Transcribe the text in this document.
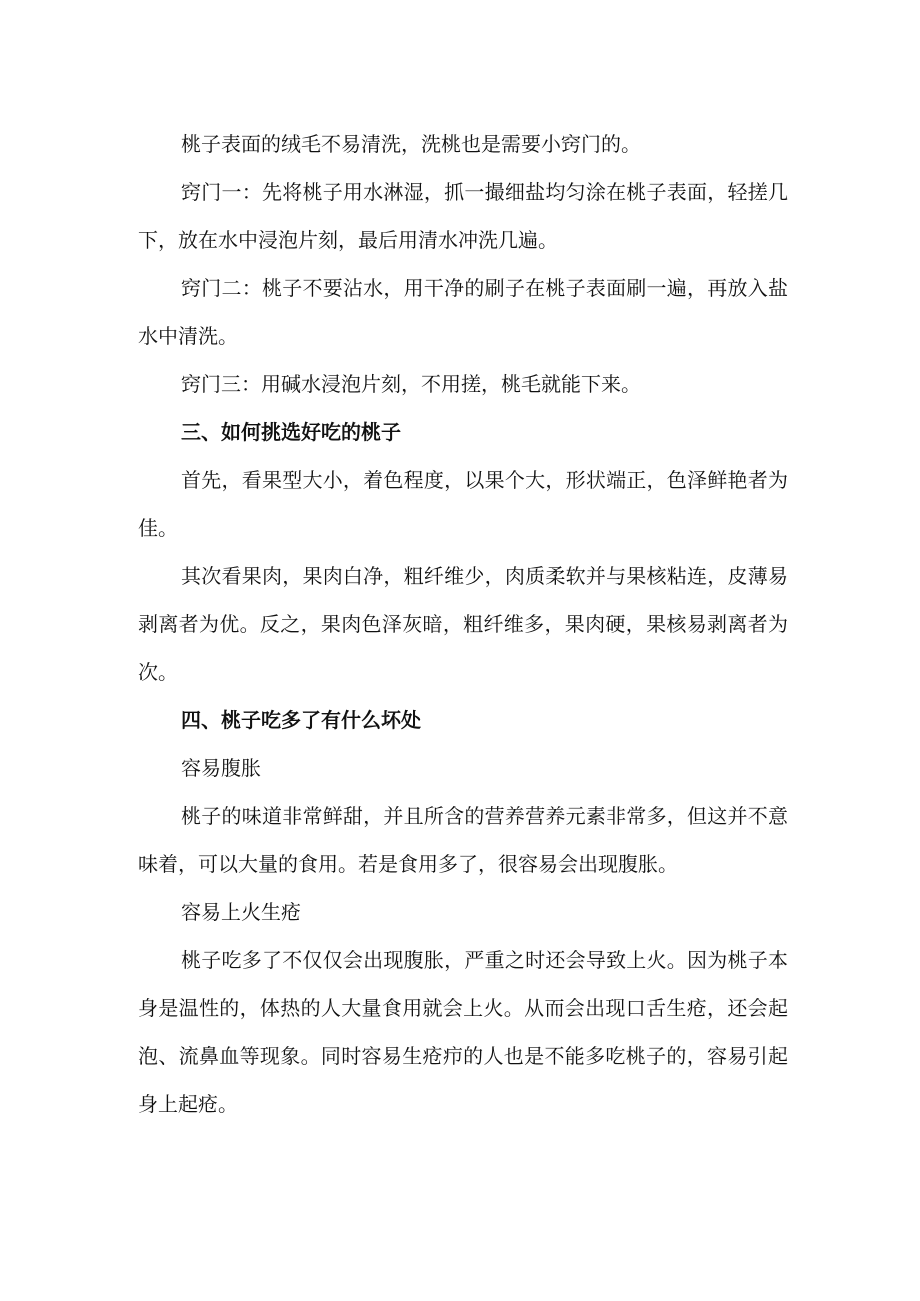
桃子表面的绒毛不易清洗，洗桃也是需要小窍门的。

窍门一：先将桃子用水淋湿，抓一撮细盐均匀涂在桃子表面，轻搓几下，放在水中浸泡片刻，最后用清水冲洗几遍。

窍门二：桃子不要沾水，用干净的刷子在桃子表面刷一遍，再放入盐水中清洗。

窍门三：用碱水浸泡片刻，不用搓，桃毛就能下来。

三、如何挑选好吃的桃子

首先，看果型大小，着色程度，以果个大，形状端正，色泽鲜艳者为佳。

其次看果肉，果肉白净，粗纤维少，肉质柔软并与果核粘连，皮薄易剥离者为优。反之，果肉色泽灰暗，粗纤维多，果肉硬，果核易剥离者为次。

四、桃子吃多了有什么坏处

容易腹胀

桃子的味道非常鲜甜，并且所含的营养营养元素非常多，但这并不意味着，可以大量的食用。若是食用多了，很容易会出现腹胀。

容易上火生疮

桃子吃多了不仅仅会出现腹胀，严重之时还会导致上火。因为桃子本身是温性的，体热的人大量食用就会上火。从而会出现口舌生疮，还会起泡、流鼻血等现象。同时容易生疮疖的人也是不能多吃桃子的，容易引起身上起疮。
